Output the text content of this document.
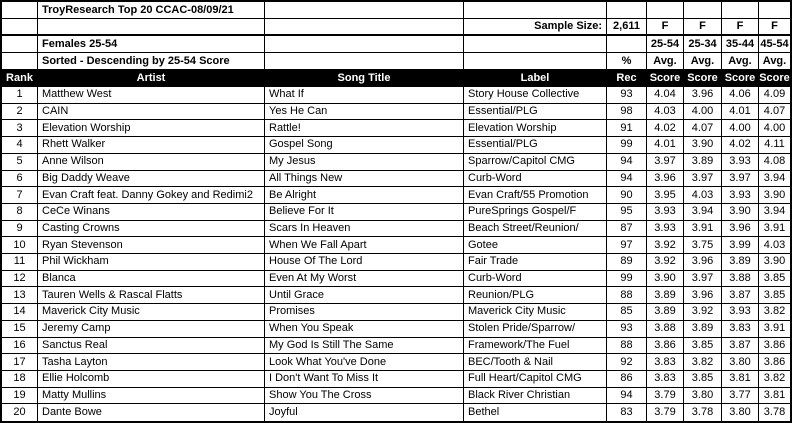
TroyResearch Top 20 CCAC-08/09/21
Sample Size:	2,611	F	F	F	F
Females 25-54	25-54 25-34 35-44 45-54
Sorted - Descending by 25-54 Score	%	Avg.	Avg.	Avg.	Avg.
Rank	Artist	Song Title	Label	Rec	Score Score Score Score
1	Matthew West	What If	Story House Collective	93	4.04	3.96	4.06	4.09
2	CAIN	Yes He Can	Essential/PLG	98	4.03	4.00	4.01	4.07
3	Elevation Worship	Rattle!	Elevation Worship	91	4.02	4.07	4.00	4.00
4	Rhett Walker	Gospel Song	Essential/PLG	99	4.01	3.90	4.02	4.11
5	Anne Wilson	My Jesus	Sparrow/Capitol CMG	94	3.97	3.89	3.93	4.08
6	Big Daddy Weave	All Things New	Curb-Word	94	3.96	3.97	3.97	3.94
7	Evan Craft feat. Danny Gokey and Redimi2	Be Alright	Evan Craft/55 Promotion	90	3.95	4.03	3.93	3.90
8	CeCe Winans	Believe For It	PureSprings Gospel/F	95	3.93	3.94	3.90	3.94
9	Casting Crowns	Scars In Heaven	Beach Street/Reunion/	87	3.93	3.91	3.96	3.91
10	Ryan Stevenson	When We Fall Apart	Gotee	97	3.92	3.75	3.99	4.03
11	Phil Wickham	House Of The Lord	Fair Trade	89	3.92	3.96	3.89	3.90
12	Blanca	Even At My Worst	Curb-Word	99	3.90	3.97	3.88	3.85
13	Tauren Wells & Rascal Flatts	Until Grace	Reunion/PLG	88	3.89	3.96	3.87	3.85
14	Maverick City Music	Promises	Maverick City Music	85	3.89	3.92	3.93	3.82
15	Jeremy Camp	When You Speak	Stolen Pride/Sparrow/	93	3.88	3.89	3.83	3.91
16	Sanctus Real	My God Is Still The Same	Framework/The Fuel	88	3.86	3.85	3.87	3.86
17	Tasha Layton	Look What You've Done	BEC/Tooth & Nail	92	3.83	3.82	3.80	3.86
18	Ellie Holcomb	I Don't Want To Miss It	Full Heart/Capitol CMG	86	3.83	3.85	3.81	3.82
19	Matty Mullins	Show You The Cross	Black River Christian	94	3.79	3.80	3.77	3.81
20	Dante Bowe	Joyful	Bethel	83	3.79	3.78	3.80	3.78
